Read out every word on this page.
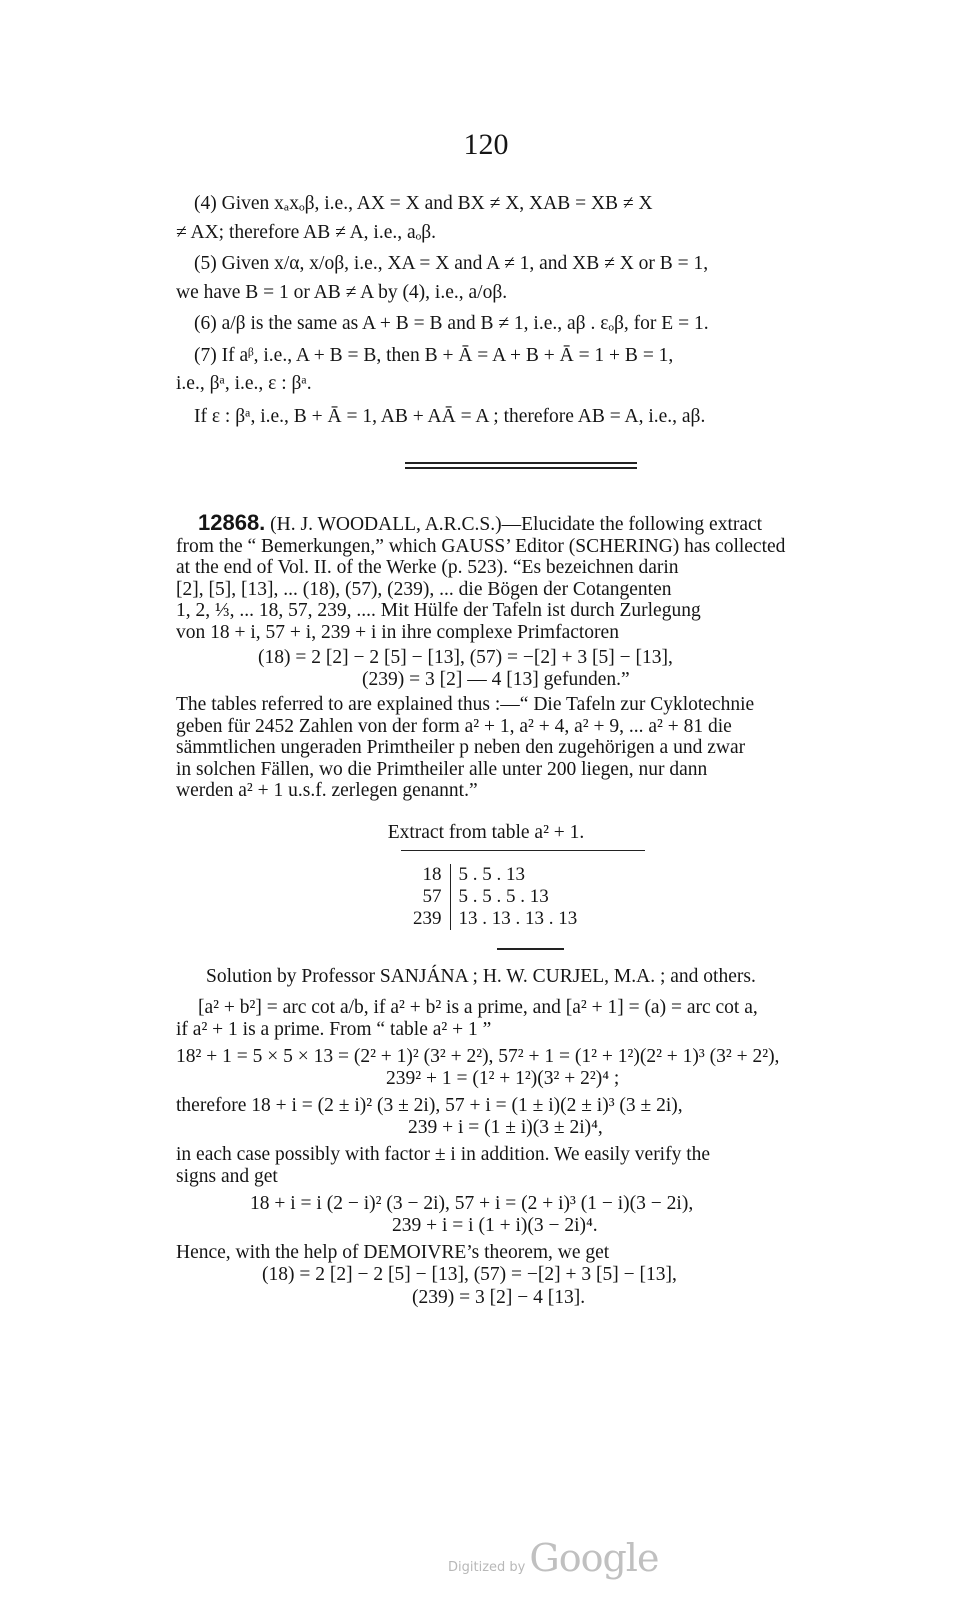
120
(4) Given xₐxₒβ, i.e., AX = X and BX ≠ X, XAB = XB ≠ X
≠ AX; therefore AB ≠ A, i.e., aₒβ.
(5) Given x/α, x/oβ, i.e., XA = X and A ≠ 1, and XB ≠ X or B = 1,
we have B = 1 or AB ≠ A by (4), i.e., a/oβ.
(6) a/β is the same as A + B = B and B ≠ 1, i.e., aβ . εₒβ, for E = 1.
(7) If aᵝ, i.e., A + B = B, then B + Ā = A + B + Ā = 1 + B = 1,
i.e., βᵃ, i.e., ε : βᵃ.
If ε : βᵃ, i.e., B + Ā = 1, AB + AĀ = A ; therefore AB = A, i.e., aβ.
12868. (H. J. WOODALL, A.R.C.S.)—Elucidate the following extract
from the “ Bemerkungen,” which GAUSS’ Editor (SCHERING) has collected
at the end of Vol. II. of the Werke (p. 523). “Es bezeichnen darin
[2], [5], [13], ... (18), (57), (239), ... die Bögen der Cotangenten
1, 2, ⅓, ... 18, 57, 239, .... Mit Hülfe der Tafeln ist durch Zurlegung
von 18 + i, 57 + i, 239 + i in ihre complexe Primfactoren
(18) = 2 [2] − 2 [5] − [13], (57) = −[2] + 3 [5] − [13],
(239) = 3 [2] — 4 [13] gefunden.”
The tables referred to are explained thus :—“ Die Tafeln zur Cyklotechnie
geben für 2452 Zahlen von der form a² + 1, a² + 4, a² + 9, ... a² + 81 die
sämmtlichen ungeraden Primtheiler p neben den zugehörigen a und zwar
in solchen Fällen, wo die Primtheiler alle unter 200 liegen, nur dann
werden a² + 1 u.s.f. zerlegen genannt.”
Extract from table a² + 1.
18	5 . 5 . 13
57	5 . 5 . 5 . 13
239	13 . 13 . 13 . 13
Solution by Professor SANJÁNA ; H. W. CURJEL, M.A. ; and others.
[a² + b²] = arc cot a/b, if a² + b² is a prime, and [a² + 1] = (a) = arc cot a,
if a² + 1 is a prime. From “ table a² + 1 ”
18² + 1 = 5 × 5 × 13 = (2² + 1)² (3² + 2²), 57² + 1 = (1² + 1²)(2² + 1)³ (3² + 2²),
239² + 1 = (1² + 1²)(3² + 2²)⁴ ;
therefore 18 + i = (2 ± i)² (3 ± 2i), 57 + i = (1 ± i)(2 ± i)³ (3 ± 2i),
239 + i = (1 ± i)(3 ± 2i)⁴,
in each case possibly with factor ± i in addition. We easily verify the
signs and get
18 + i = i (2 − i)² (3 − 2i), 57 + i = (2 + i)³ (1 − i)(3 − 2i),
239 + i = i (1 + i)(3 − 2i)⁴.
Hence, with the help of DEMOIVRE’s theorem, we get
(18) = 2 [2] − 2 [5] − [13], (57) = −[2] + 3 [5] − [13],
(239) = 3 [2] − 4 [13].
Digitized by Google
